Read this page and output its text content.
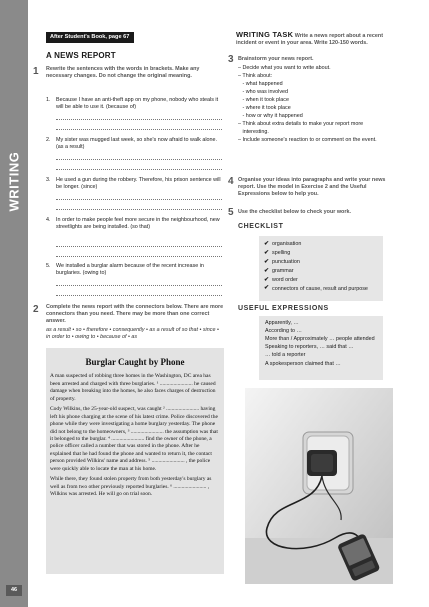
WRITING
46
After Student's Book, page 67
A NEWS REPORT
1 Rewrite the sentences with the words in brackets. Make any necessary changes. Do not change the original meaning.
1. Because I have an anti-theft app on my phone, nobody who steals it will be able to use it. (because of)
2. My sister was mugged last week, so she's now afraid to walk alone. (as a result)
3. He used a gun during the robbery. Therefore, his prison sentence will be longer. (since)
4. In order to make people feel more secure in the neighbourhood, new streetlights are being installed. (so that)
5. We installed a burglar alarm because of the recent increase in burglaries. (owing to)
2 Complete the news report with the connectors below. There are more connectors than you need. There may be more than one correct answer.
as a result • so • therefore • consequently • as a result of so that • since • in order to • owing to • because of • as
Burglar Caught by Phone

A man suspected of robbing three homes in the Washington, DC area has been arrested and charged with three burglaries. ¹ ........................ he caused damage when breaking into the homes, he also faces charges of destruction of property.

Cody Wilkins, the 25-year-old suspect, was caught ² ........................ having left his phone charging at the scene of his latest crime. Police discovered the phone while they were investigating a home burglary yesterday. The phone did not belong to the homeowners, ³ ........................ the assumption was that it belonged to the burglar. ⁴ ........................ find the owner of the phone, a police officer called a number that was stored in the phone. After he explained that he had found the phone and wanted to return it, the contact person provided Wilkins' name and address. ⁵ ........................ , the police were quickly able to locate the man at his home.

While there, they found stolen property from both yesterday's burglary as well as from two other previously reported burglaries. ⁶ ........................ , Wilkins was arrested. He will go on trial soon.

WRITING TASK Write a news report about a recent incident or event in your area. Write 120-150 words.
3 Brainstorm your news report.
– Decide what you want to write about.
– Think about:
- what happened
- who was involved
- when it took place
- where it took place
- how or why it happened
– Think about extra details to make your report more
interesting.
– Include someone's reaction to or comment on the event.
4 Organise your ideas into paragraphs and write your news report. Use the model in Exercise 2 and the Useful Expressions below to help you.
5 Use the checklist below to check your work.
CHECKLIST
✔ organisation
✔ spelling
✔ punctuation
✔ grammar
✔ word order
✔ connectors of cause, result and purpose
USEFUL EXPRESSIONS
Apparently, …
According to …
More than / Approximately … people attended
Speaking to reporters, … said that …
… told a reporter
A spokesperson claimed that …
